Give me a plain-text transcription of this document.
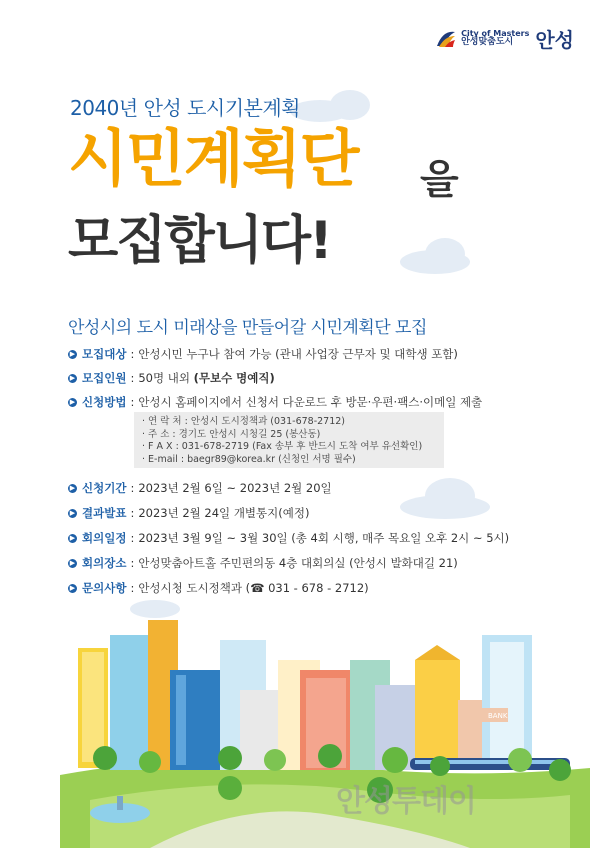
City of Masters
안성맞춤도시	안성
2040년 안성 도시기본계획
시민계획단 을
모집합니다!
안성시의 도시 미래상을 만들어갈 시민계획단 모집
▶ 모집대상 : 안성시민 누구나 참여 가능 (관내 사업장 근무자 및 대학생 포함)
▶ 모집인원 : 50명 내외
(무보수 명예직)
▶ 신청방법 : 안성시 홈페이지에서 신청서 다운로드 후 방문·우편·팩스·이메일 제출
· 연 락 처 : 안성시 도시정책과 (031-678-2712)
· 주 소 : 경기도 안성시 시청길 25 (봉산동)
· F A X : 031-678-2719 (Fax 송부 후 반드시 도착 여부 유선확인)
· E-mail : baegr89@korea.kr (신청인 서명 필수)
▶ 신청기간 : 2023년 2월 6일 ~ 2023년 2월 20일
▶ 결과발표 : 2023년 2월 24일 개별통지(예정)
▶ 회의일정 : 2023년 3월 9일 ~ 3월 30일 (총 4회 시행, 매주 목요일 오후 2시 ~ 5시)
▶ 회의장소 : 안성맞춤아트홀 주민편의동 4층 대회의실 (안성시 발화대길 21)
▶ 문의사항 : 안성시청 도시정책과 (☎ 031 - 678 - 2712)
BANK
안성투데이
